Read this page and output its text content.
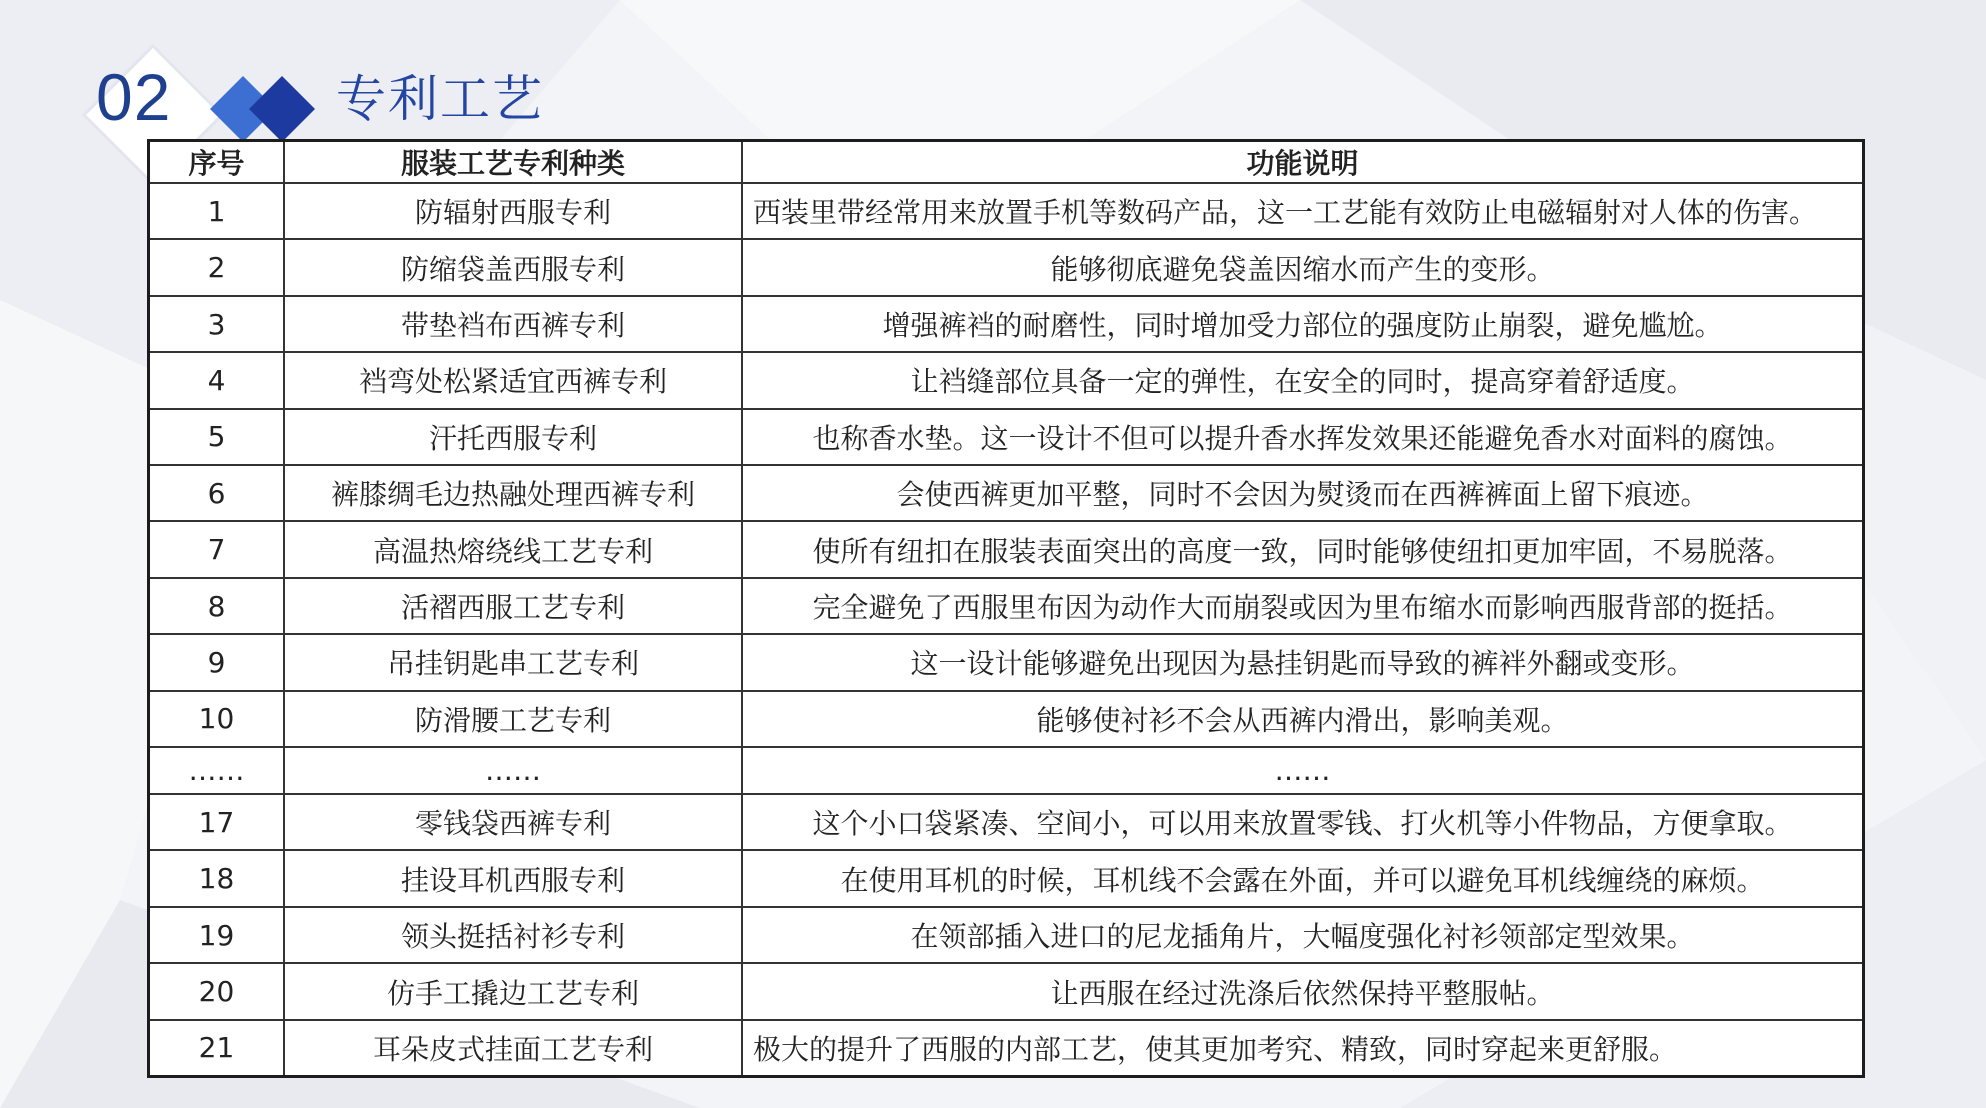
02	专利工艺
序号	服装工艺专利种类	功能说明
1	防辐射西服专利	西装里带经常用来放置手机等数码产品，这一工艺能有效防止电磁辐射对人体的伤害。
2	防缩袋盖西服专利	能够彻底避免袋盖因缩水而产生的变形。
3	带垫裆布西裤专利	增强裤裆的耐磨性，同时增加受力部位的强度防止崩裂，避免尴尬。
4	裆弯处松紧适宜西裤专利	让裆缝部位具备一定的弹性，在安全的同时，提高穿着舒适度。
5	汗托西服专利	也称香水垫。这一设计不但可以提升香水挥发效果还能避免香水对面料的腐蚀。
6	裤膝绸毛边热融处理西裤专利	会使西裤更加平整，同时不会因为熨烫而在西裤裤面上留下痕迹。
7	高温热熔绕线工艺专利	使所有纽扣在服装表面突出的高度一致，同时能够使纽扣更加牢固，不易脱落。
8	活褶西服工艺专利	完全避免了西服里布因为动作大而崩裂或因为里布缩水而影响西服背部的挺括。
9	吊挂钥匙串工艺专利	这一设计能够避免出现因为悬挂钥匙而导致的裤袢外翻或变形。
10	防滑腰工艺专利	能够使衬衫不会从西裤内滑出，影响美观。
……	……	……
17	零钱袋西裤专利	这个小口袋紧凑、空间小，可以用来放置零钱、打火机等小件物品，方便拿取。
18	挂设耳机西服专利	在使用耳机的时候，耳机线不会露在外面，并可以避免耳机线缠绕的麻烦。
19	领头挺括衬衫专利	在领部插入进口的尼龙插角片，大幅度强化衬衫领部定型效果。
20	仿手工撬边工艺专利	让西服在经过洗涤后依然保持平整服帖。
21	耳朵皮式挂面工艺专利	极大的提升了西服的内部工艺，使其更加考究、精致，同时穿起来更舒服。
